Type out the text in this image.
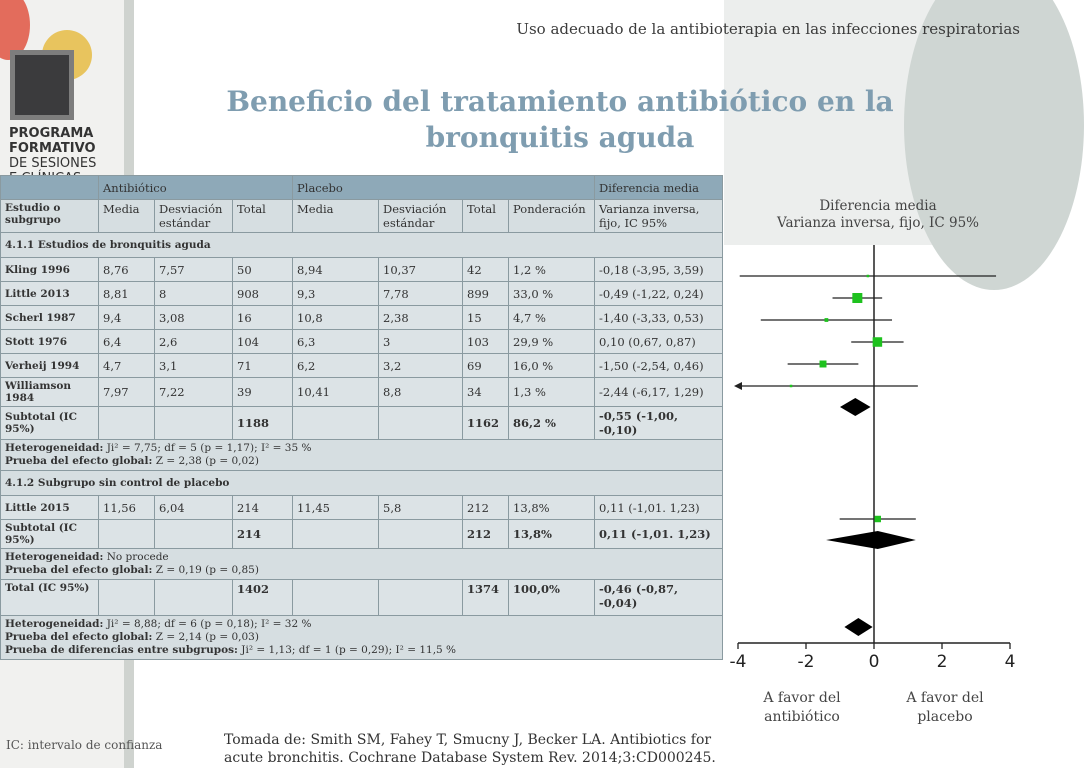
PROGRAMA
FORMATIVO
DE SESIONES

Uso adecuado de la antibioterapia en las infecciones respiratorias
Beneficio del tratamiento antibiótico en la
bronquitis aguda
	Antibiótico			Placebo				Diferencia media
Estudio o subgrupo	Media	Desviación estándar	Total	Media	Desviación estándar	Total	Ponderación	Varianza inversa, fijo, IC 95%
4.1.1 Estudios de bronquitis aguda								
Kling 1996	8,76	7,57	50	8,94	10,37	42	1,2 %	-0,18 (-3,95, 3,59)
Little 2013	8,81	8	908	9,3	7,78	899	33,0 %	-0,49 (-1,22, 0,24)
Scherl 1987	9,4	3,08	16	10,8	2,38	15	4,7 %	-1,40 (-3,33, 0,53)
Stott 1976	6,4	2,6	104	6,3	3	103	29,9 %	0,10 (0,67, 0,87)
Verheij 1994	4,7	3,1	71	6,2	3,2	69	16,0 %	-1,50 (-2,54, 0,46)
Williamson 1984	7,97	7,22	39	10,41	8,8	34	1,3 %	-2,44 (-6,17, 1,29)
Subtotal (IC 95%)			1188			1162	86,2 %	-0,55 (-1,00, -0,10)
Heterogeneidad: Ji² = 7,75; df = 5 (p = 1,17); I² = 35 %
Prueba del efecto global: Z = 2,38 (p = 0,02)								
4.1.2 Subgrupo sin control de placebo								
Little 2015	11,56	6,04	214	11,45	5,8	212	13,8%	0,11 (-1,01. 1,23)
Subtotal (IC 95%)			214			212	13,8%	0,11 (-1,01. 1,23)
Heterogeneidad: No procede
Prueba del efecto global: Z = 0,19 (p = 0,85)								
Total (IC 95%)			1402			1374	100,0%	-0,46 (-0,87, -0,04)
Heterogeneidad: Ji² = 8,88; df = 6 (p = 0,18); I² = 32 %
Prueba del efecto global: Z = 2,14 (p = 0,03)
Prueba de diferencias entre subgrupos: Ji² = 1,13; df = 1 (p = 0,29); I² = 11,5 %								
Diferencia media
Varianza inversa, fijo, IC 95%
-4	-2	0	2	4
A favor del
antibiótico
A favor del
placebo
IC: intervalo de confianza	Tomada de: Smith SM, Fahey T, Smucny J, Becker LA. Antibiotics for acute bronchitis. Cochrane Database System Rev. 2014;3:CD000245.
